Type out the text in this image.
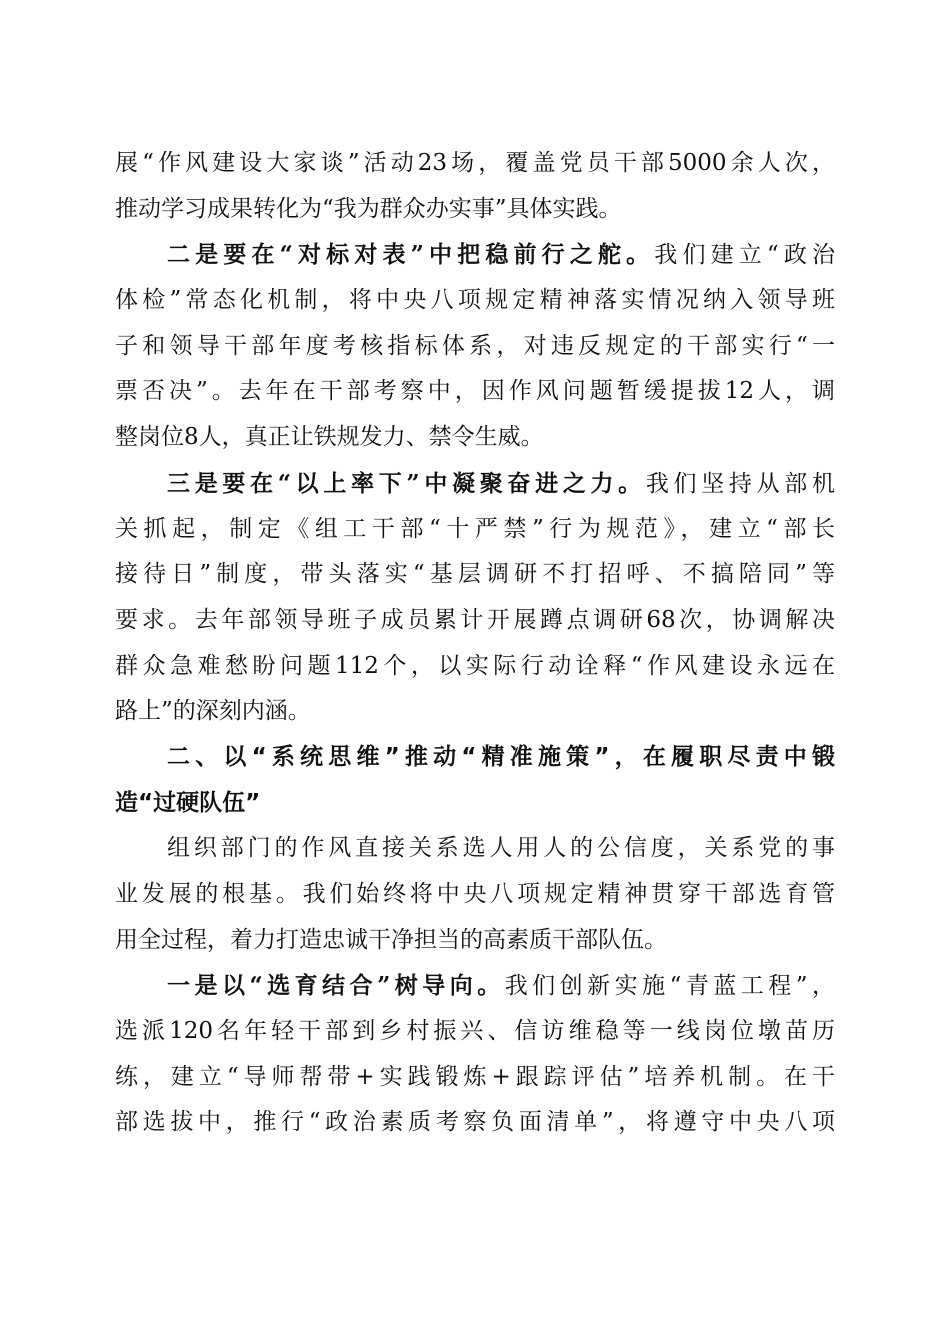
展“作风建设大家谈”活动23场，覆盖党员干部5000余人次，
推动学习成果转化为“我为群众办实事”具体实践。
二是要在“对标对表”中把稳前行之舵。我们建立“政治
体检”常态化机制，将中央八项规定精神落实情况纳入领导班
子和领导干部年度考核指标体系，对违反规定的干部实行“一
票否决”。去年在干部考察中，因作风问题暂缓提拔12人，调
整岗位8人，真正让铁规发力、禁令生威。
三是要在“以上率下”中凝聚奋进之力。我们坚持从部机
关抓起，制定《组工干部“十严禁”行为规范》，建立“部长
接待日”制度，带头落实“基层调研不打招呼、不搞陪同”等
要求。去年部领导班子成员累计开展蹲点调研68次，协调解决
群众急难愁盼问题112个，以实际行动诠释“作风建设永远在
路上”的深刻内涵。
二、以“系统思维”推动“精准施策”，在履职尽责中锻
造“过硬队伍”
组织部门的作风直接关系选人用人的公信度，关系党的事
业发展的根基。我们始终将中央八项规定精神贯穿干部选育管
用全过程，着力打造忠诚干净担当的高素质干部队伍。
一是以“选育结合”树导向。我们创新实施“青蓝工程”，
选派120名年轻干部到乡村振兴、信访维稳等一线岗位墩苗历
练，建立“导师帮带+实践锻炼+跟踪评估”培养机制。在干
部选拔中，推行“政治素质考察负面清单”，将遵守中央八项
